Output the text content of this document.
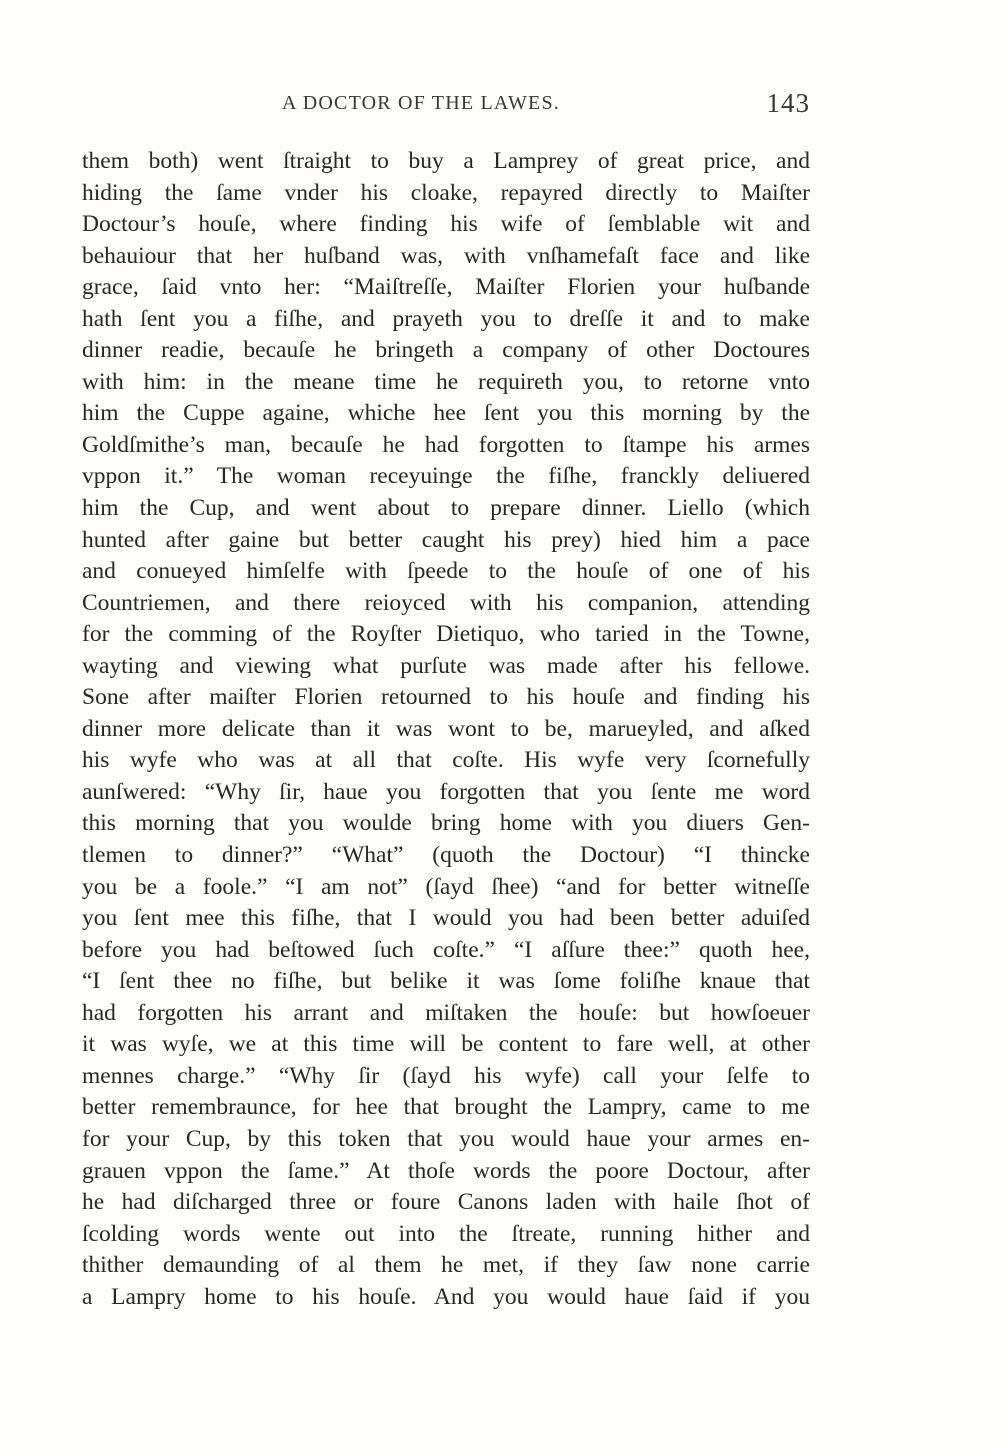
A DOCTOR OF THE LAWES.	143
them both) went ſtraight to buy a Lamprey of great price, and
hiding the ſame vnder his cloake, repayred directly to Maiſter
Doctour’s houſe, where finding his wife of ſemblable wit and
behauiour that her huſband was, with vnſhamefaſt face and like
grace, ſaid vnto her: “Maiſtreſſe, Maiſter Florien your huſbande
hath ſent you a fiſhe, and prayeth you to dreſſe it and to make
dinner readie, becauſe he bringeth a company of other Doctoures
with him: in the meane time he requireth you, to retorne vnto
him the Cuppe againe, whiche hee ſent you this morning by the
Goldſmithe’s man, becauſe he had forgotten to ſtampe his armes
vppon it.” The woman receyuinge the fiſhe, franckly deliuered
him the Cup, and went about to prepare dinner. Liello (which
hunted after gaine but better caught his prey) hied him a pace
and conueyed himſelfe with ſpeede to the houſe of one of his
Countriemen, and there reioyced with his companion, attending
for the comming of the Royſter Dietiquo, who taried in the Towne,
wayting and viewing what purſute was made after his fellowe.
Sone after maiſter Florien retourned to his houſe and finding his
dinner more delicate than it was wont to be, marueyled, and aſked
his wyfe who was at all that coſte. His wyfe very ſcornefully
aunſwered: “Why ſir, haue you forgotten that you ſente me word
this morning that you woulde bring home with you diuers Gen-
tlemen to dinner?” “What” (quoth the Doctour) “I thincke
you be a foole.” “I am not” (ſayd ſhee) “and for better witneſſe
you ſent mee this fiſhe, that I would you had been better aduiſed
before you had beſtowed ſuch coſte.” “I aſſure thee:” quoth hee,
“I ſent thee no fiſhe, but belike it was ſome foliſhe knaue that
had forgotten his arrant and miſtaken the houſe: but howſoeuer
it was wyſe, we at this time will be content to fare well, at other
mennes charge.” “Why ſir (ſayd his wyfe) call your ſelfe to
better remembraunce, for hee that brought the Lampry, came to me
for your Cup, by this token that you would haue your armes en-
grauen vppon the ſame.” At thoſe words the poore Doctour, after
he had diſcharged three or foure Canons laden with haile ſhot of
ſcolding words wente out into the ſtreate, running hither and
thither demaunding of al them he met, if they ſaw none carrie
a Lampry home to his houſe. And you would haue ſaid if you
